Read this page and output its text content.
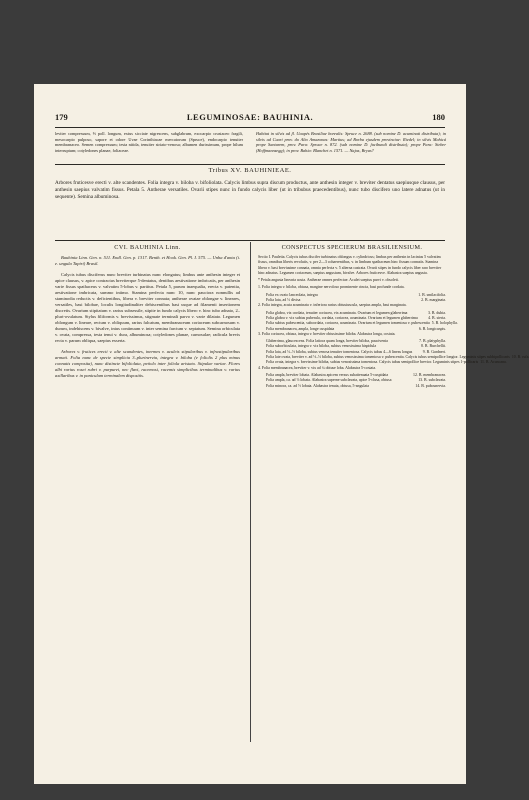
179	LEGUMINOSAE: BAUHINIA.	180
leviter compressum, ⅔ poll. longum, extus sicciate nigrescens, subglabrum, exocarpio crustaceo fragili, mesocarpio pulposo, sapore et odore Uvae Corinthiacae mercatorum (Spruce), endocarpio tenuiter membranaceo. Semen compressum; testa nitida, tenuiter striato-venosa; albumen durissimum, prope hilum interruptum; cotyledones planae, foliaceae.
Habitat in silvis ad fl. Uaupés Brasiliae borealis: Spruce n. 2688. (sub nomine D. acuminati distributa); in silvis ad Cuari prov. do Alto Amazonas: Martius; ad Borba ejusdem provinciae: Riedel; in silvis Mahicá prope Santarem, prov. Para: Spruce n. 872. (sub nomine D. facibundi distributa); prope Para: Sieber (Hoffmannsegg); in prov. Bahia: Blanchet n. 1571. — Najas, Bryas?
Tribus XV. BAUHINIEAE.
Arbores fruticesve erecti v. alte scandentes. Folia integra v. biloba v. bifoliolata. Calycis limbus supra discum productus, ante anthesin integer v. breviter dentatus saepiusque clausus, per anthesin saepius valvatim fissus. Petala 5. Antherae versatiles. Ovarii stipes nunc in fundo calycis liber (ut in tribubus praecedentibus), nunc tubo discifero uno latere adnatus (ut in sequente). Semina albuminosa.
CVI. BAUHINIA Linn.	CONSPECTUS SPECIERUM BRASILIENSIUM.

Bauhinia Linn. Gen. n. 511. Endl. Gen. p. 1317. Benth. et Hook. Gen. Pl. I. 575. — Unha d'anta (i. e. ungula Tapiri) Brasil.

Calycis tubus disciferus nunc breviter turbinatus nunc elongatus; limbus ante anthesin integer et apice clausus, v. apice contractus breviterque 5-dentatus, dentibus aestivatione imbricatis, per anthesin varie fissus spathaceus v. valvatim 5-lobus v. partitus. Petala 5, parum inaequalia, erecta v. patentia, aestivatione imbricata, summo intimo. Stamina perfecta nunc 10, nunc pauciora nonnullis ad staminodia reductis v. deficientibus, libera v. breviter connata; antherae ovatae oblongae v. lineares, versatiles, basi bilobae, loculis longitudinaliter dehiscentibus basi usque ad filamenti insertionem discretis. Ovarium stipitatum v. rarius subsessile, stipite in fundo calycis libero v. hinc tubo adnato, 2–pluri-ovulatum. Stylus filiformis v. brevissimus, stigmate terminali parvo v. varie dilatato. Legumen oblongum v. lineare, rectum v. obliquum, rarius falcatum, membranaceum coriaceum subcarnosum v. durum, indehiscens v. bivalve, intus continuum v. inter semina farctum v. septatum. Semina orbiculata v. ovata, compressa, testa tenui v. dura, albuminosa; cotyledones planae, carnosulae; radicula brevis recta v. parum obliqua, saepius exserta.

Arbores v. frutices erecti v. alte scandentes, inermes v. aculeis stipularibus v. infrastipularibus armati. Folia nunc de specie simplicia 3–plurinervia, integra v. biloba (e foliolis 2 plus minus connatis composita), nunc distincte bifoliolata, petiolo inter foliola aristato. Stipulae variae. Flores albi rarius rosei rubri v. purpurei, nec flavi, racemosi, racemis simplicibus terminalibus v. rarius axillaribus v. in paniculam terminalem dispositis.

Sectio I. Pauletia. Calycis tubus discifer turbinatus oblongus v. cylindricus; limbus per anthesin in lacinias 5 valvatim fissus, omnibus liberis revolutis, v. per 2—3 cohaerentibus, v. in limbum spathaceum hinc fissum connatis. Stamina libera v. basi breviusime connata, omnia perfecta v. 5 alterna castrata. Ovarii stipes in fundo calycis liber raro breviter hinc adnatus. Legumen coriaceum, saepius angustum, bivalve. Arbores fruticesve. Alabastra saepius angusta.

* Petala angusta linearia acuta. Antherae omnes perfectae. Aculei saepius parvi v. obsoleti.

1. Folia integra v. biloba, obtusa, margine nervoloso prominente cincta, basi profunde cordata.

Folia ex ovato lanceolata, integra	1. B. smilacifolia.
Folia lata, ad ⅓ divisa	2. B. marginata.

2. Folia integra, acuta acuminata v. inferiora rarius obtusiuscula, saepius ampla, basi marginata.

Folia glabra, vix cordata, tenuiter coriacea, vix acuminata. Ovarium et legumen glaberrima	3. B. dubia.
Folia glabra v. vix subtus puberula, cordata, coriacea, acuminata. Ovarium et legumen glaberrima	4. B. sieria.
Folia subtus pubescentia, subcordata, coriacea, acuminata. Ovarium et legumen tomentosa v. pubescentia 5. B. holophylla.
Folia membranacea, ampla, longe cuspidata	6. B. longicuspis.

3. Folia coriacea, obtusa, integra v. breviter obtusissime biloba. Alabastra longa, costata.

Glaberrima, glaucescens. Folia latiora quam longa, breviter biloba, paucivenia	7. B. platyphylla.
Folia suborbiculata, integra v. vix biloba, subtus venosissima hispidula	8. B. Burchellii.
Folia lata, ad ⅓–½ biloba, subtus venosa tenuiter tomentosa. Calycis tubus 4—6 lineas longus	9. B. Gardneri.
Folia late ovata, breviter v. ad ½–⅓ biloba, subtus venosissima tomentosa v. pubescentia. Calycis tubus semipollice longior. Leguminis stipes subbipollicaris 10. B. rufa.
Folia ovata, integra v. brevissime biloba, subtus venosissima tomentosa. Calycis tubus semipollice brevior. Leguminis stipes 1-pollicaris 11. B. Acuncana.

4. Folia membranacea, breviter v. vix ad ¼ obtuse loba. Alabastra 5-costata.

Folia ampla, breviter lobata. Alabastra apicem versus subattenuata 5-cuspidata	12. B. membranacea.
Folia ampla, ca. ad ⅓ lobata. Alabastra superne subclavata, apice 5-clusa, obtusa	13. B. subclavata.
Folia minora, ca. ad ½ lobata. Alabastra tenuia, obtusa, 5-angulata	14. B. pubcunervia.
